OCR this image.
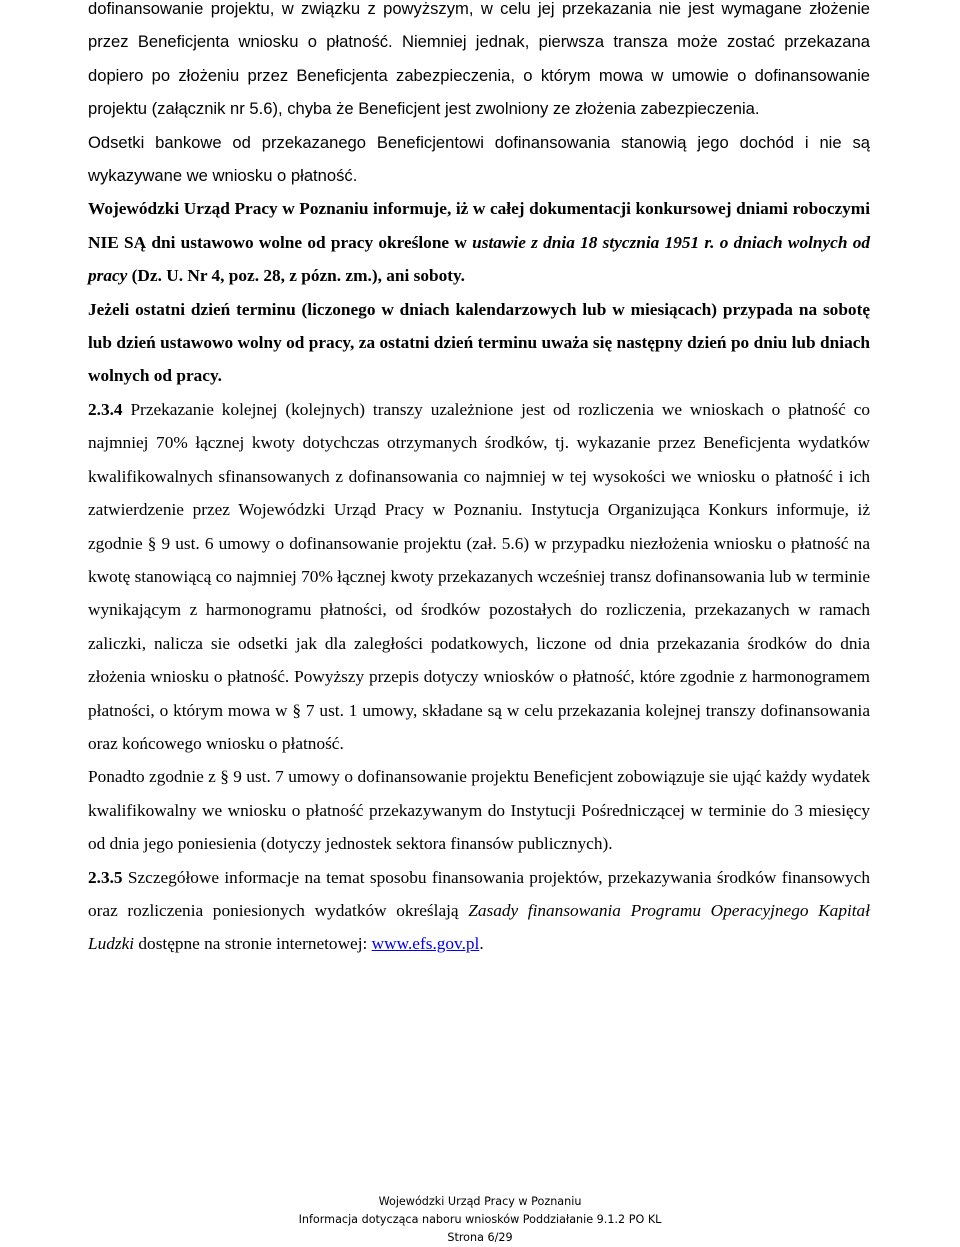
dofinansowanie projektu, w związku z powyższym, w celu jej przekazania nie jest wymagane złożenie przez Beneficjenta wniosku o płatność. Niemniej jednak, pierwsza transza może zostać przekazana dopiero po złożeniu przez Beneficjenta zabezpieczenia, o którym mowa w umowie o dofinansowanie projektu (załącznik nr 5.6), chyba że Beneficjent jest zwolniony ze złożenia zabezpieczenia.

Odsetki bankowe od przekazanego Beneficjentowi dofinansowania stanowią jego dochód i nie są wykazywane we wniosku o płatność.

Wojewódzki Urząd Pracy w Poznaniu informuje, iż w całej dokumentacji konkursowej dniami roboczymi NIE SĄ dni ustawowo wolne od pracy określone w ustawie z dnia 18 stycznia 1951 r. o dniach wolnych od pracy (Dz. U. Nr 4, poz. 28, z pózn. zm.), ani soboty.

Jeżeli ostatni dzień terminu (liczonego w dniach kalendarzowych lub w miesiącach) przypada na sobotę lub dzień ustawowo wolny od pracy, za ostatni dzień terminu uważa się następny dzień po dniu lub dniach wolnych od pracy.

2.3.4 Przekazanie kolejnej (kolejnych) transzy uzależnione jest od rozliczenia we wnioskach o płatność co najmniej 70% łącznej kwoty dotychczas otrzymanych środków, tj. wykazanie przez Beneficjenta wydatków kwalifikowalnych sfinansowanych z dofinansowania co najmniej w tej wysokości we wniosku o płatność i ich zatwierdzenie przez Wojewódzki Urząd Pracy w Poznaniu. Instytucja Organizująca Konkurs informuje, iż zgodnie § 9 ust. 6 umowy o dofinansowanie projektu (zał. 5.6) w przypadku niezłożenia wniosku o płatność na kwotę stanowiącą co najmniej 70% łącznej kwoty przekazanych wcześniej transz dofinansowania lub w terminie wynikającym z harmonogramu płatności, od środków pozostałych do rozliczenia, przekazanych w ramach zaliczki, nalicza sie odsetki jak dla zaległości podatkowych, liczone od dnia przekazania środków do dnia złożenia wniosku o płatność. Powyższy przepis dotyczy wniosków o płatność, które zgodnie z harmonogramem płatności, o którym mowa w § 7 ust. 1 umowy, składane są w celu przekazania kolejnej transzy dofinansowania oraz końcowego wniosku o płatność.

Ponadto zgodnie z § 9 ust. 7 umowy o dofinansowanie projektu Beneficjent zobowiązuje sie ująć każdy wydatek kwalifikowalny we wniosku o płatność przekazywanym do Instytucji Pośredniczącej w terminie do 3 miesięcy od dnia jego poniesienia (dotyczy jednostek sektora finansów publicznych).

2.3.5 Szczegółowe informacje na temat sposobu finansowania projektów, przekazywania środków finansowych oraz rozliczenia poniesionych wydatków określają Zasady finansowania Programu Operacyjnego Kapitał Ludzki dostępne na stronie internetowej: www.efs.gov.pl.

Wojewódzki Urząd Pracy w Poznaniu
Informacja dotycząca naboru wniosków Poddziałanie 9.1.2 PO KL
Strona 6/29
